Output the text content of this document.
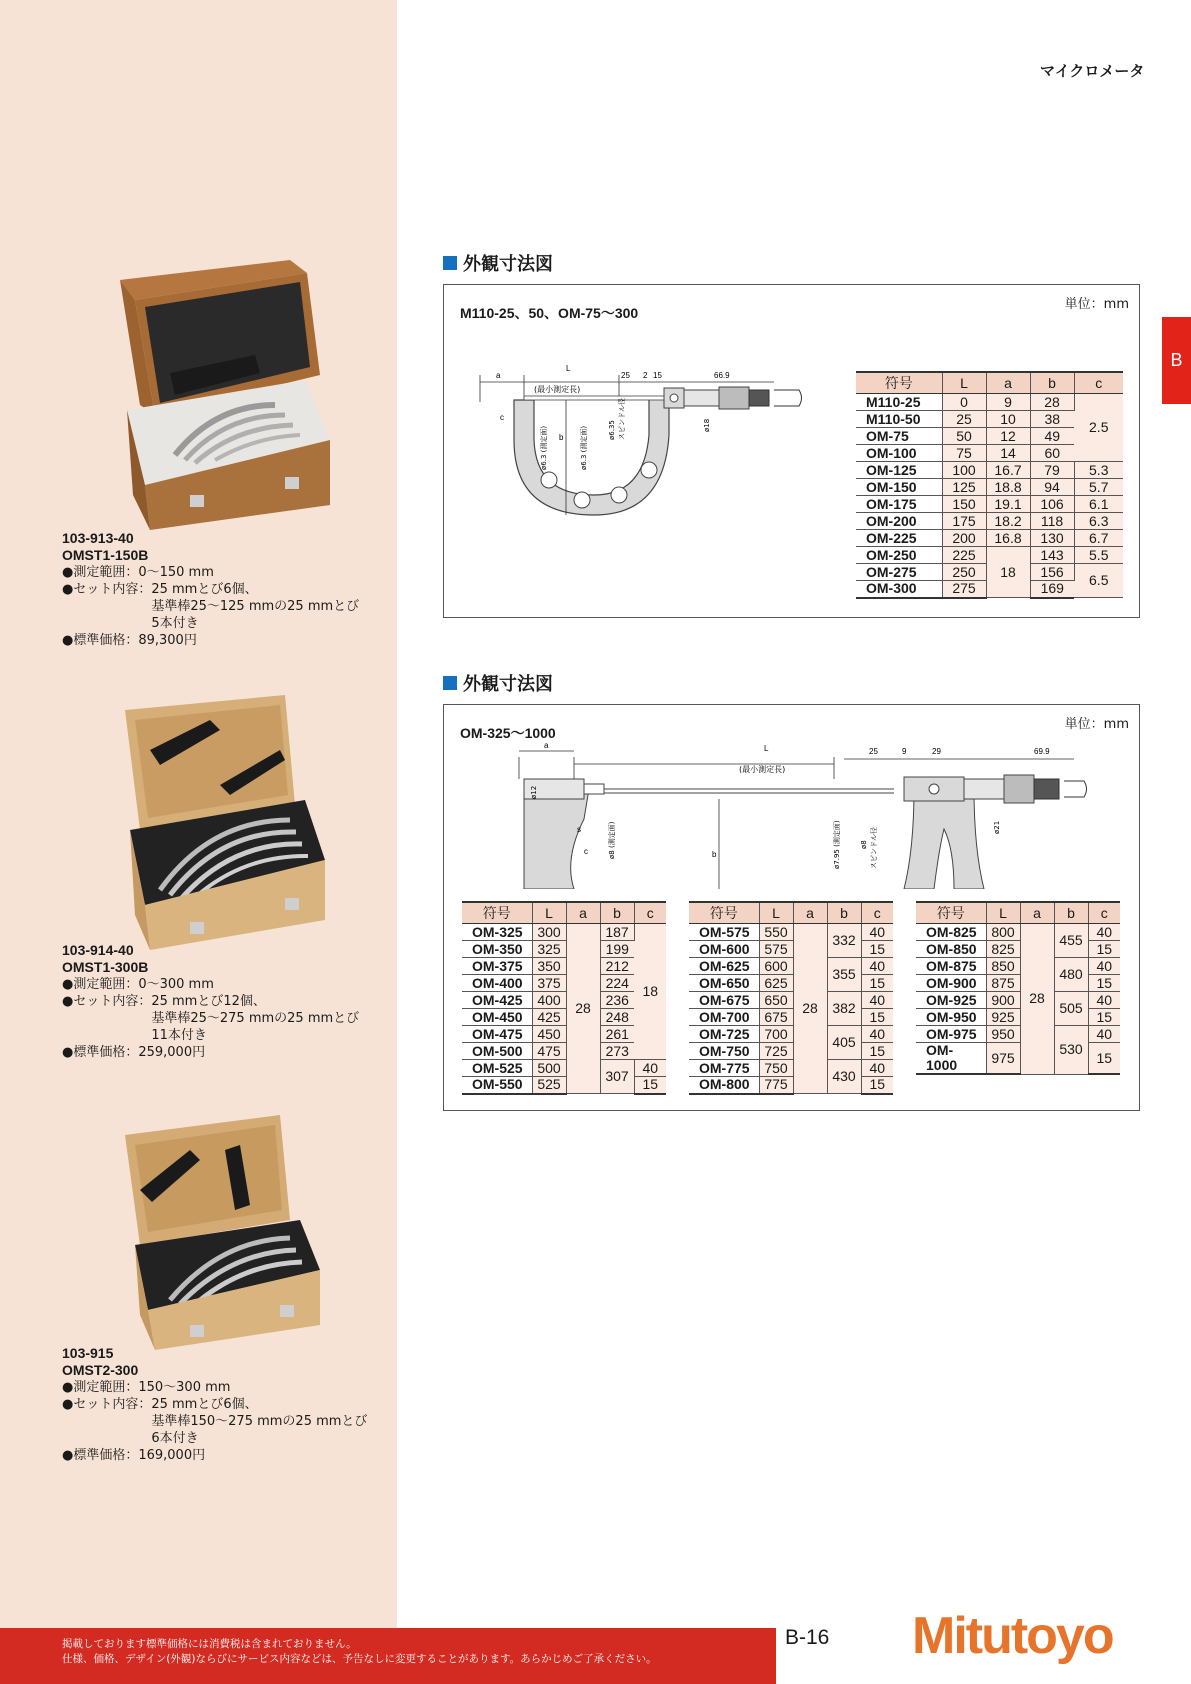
マイクロメータ
B
103-913-40
OMST1-150B
●測定範囲： 0～150 mm
●セット内容： 25 mmとび6個、
基準棒25～125 mmの25 mmとび
5本付き
●標準価格： 89,300円
103-914-40
OMST1-300B
●測定範囲： 0～300 mm
●セット内容： 25 mmとび12個、
基準棒25～275 mmの25 mmとび
11本付き
●標準価格： 259,000円
103-915
OMST2-300
●測定範囲： 150～300 mm
●セット内容： 25 mmとび6個、
基準棒150～275 mmの25 mmとび
6本付き
●標準価格： 169,000円
外観寸法図
単位：mm
M110-25、50、OM-75～300
a
L
(最小測定長)
25 2 15	66.9
c
b
ø6.3 (測定面)	ø6.3 (測定面)	ø6.35 スピンドル径	ø18
符号	L	a	b	c
M110-25	0	9	28	2.5
M110-50	25	10	38	
OM-75	50	12	49	
OM-100	75	14	60	
OM-125	100	16.7	79	5.3
OM-150	125	18.8	94	5.7
OM-175	150	19.1	106	6.1
OM-200	175	18.2	118	6.3
OM-225	200	16.8	130	6.7
OM-250	225	18	143	5.5
OM-275	250		156	6.5
OM-300	275		169	
外観寸法図
単位：mm
OM-325～1000
a	L
(最小測定長)
25	9	29	69.9
ø12
s
c	ø8 (測定面)	b	ø7.95 (測定面)	ø8 スピンドル径	ø21
符号	L	a	b	c
OM-325	300	28	187	18
OM-350	325		199	
OM-375	350		212	
OM-400	375		224	
OM-425	400		236	
OM-450	425		248	
OM-475	450		261	
OM-500	475		273	
OM-525	500		307	40
OM-550	525			15
符号	L	a	b	c
OM-575	550	28	332	40
OM-600	575			15
OM-625	600		355	40
OM-650	625			15
OM-675	650		382	40
OM-700	675			15
OM-725	700		405	40
OM-750	725			15
OM-775	750		430	40
OM-800	775			15
符号	L	a	b	c
OM-825	800	28	455	40
OM-850	825			15
OM-875	850		480	40
OM-900	875			15
OM-925	900		505	40
OM-950	925			15
OM-975	950		530	40
OM-1000	975			15
掲載しております標準価格には消費税は含まれておりません。
仕様、価格、デザイン(外観)ならびにサービス内容などは、予告なしに変更することがあります。あらかじめご了承ください。
B-16 Mitutoyo
